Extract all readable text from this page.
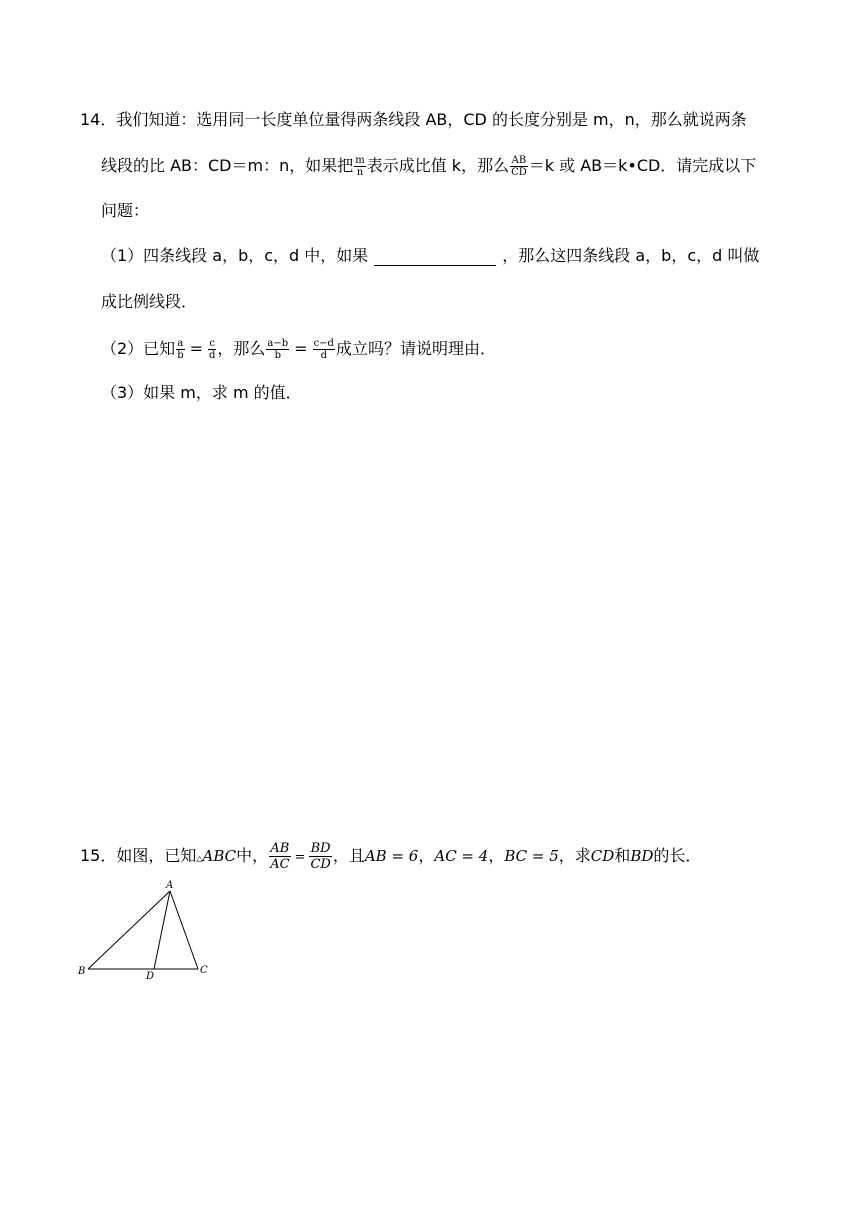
14．我们知道：选用同一长度单位量得两条线段 AB，CD 的长度分别是 m，n，那么就说两条
线段的比 AB：CD＝m：n，如果把 $\frac{m}{n}$ 表示成比值 k，那么 $\frac{AB}{CD} =k$ 或 AB＝k•CD．请完成以下
问题：
（1）四条线段 a，b，c，d 中，如果	，那么这四条线段 a，b，c，d 叫做
成比例线段．
（2）已知 $\frac{a}{b} = \frac{c}{d}$ ，那么 $\frac{a-b}{b} = \frac{c-d}{d}$ 成立吗？请说明理由．
（3）如果 m，求 m 的值．
15．如图，已知△ABC中， $\frac{AB}{AC} = \frac{BD}{CD}$ ，且AB = 6，AC = 4，BC = 5，求CD和BD的长．
A
B	C
D
